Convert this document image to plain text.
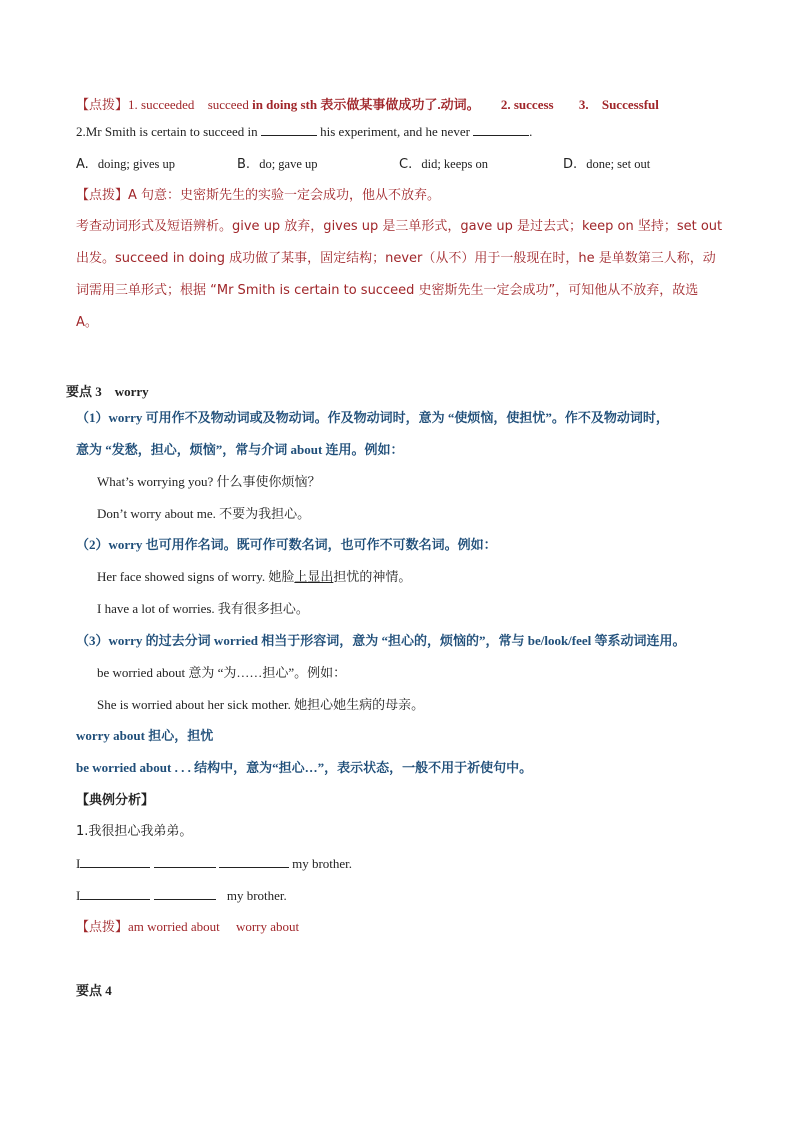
【点拨】1. succeeded succeed in doing sth 表示做某事做成功了.动词。 2. success 3. Successful
2.Mr Smith is certain to succeed in	his experiment, and he never	.
A. doing; gives up	B. do; gave up	C. did; keeps on	D. done; set out
【点拨】A 句意：史密斯先生的实验一定会成功，他从不放弃。
考查动词形式及短语辨析。give up 放弃，gives up 是三单形式，gave up 是过去式；keep on 坚持；set out
出发。succeed in doing 成功做了某事，固定结构；never（从不）用于一般现在时，he 是单数第三人称，动
词需用三单形式；根据 “Mr Smith is certain to succeed 史密斯先生一定会成功”，可知他从不放弃，故选
A。
要点 3　worry
（1）worry 可用作不及物动词或及物动词。作及物动词时，意为 “使烦恼，使担忧”。作不及物动词时，
意为 “发愁，担心，烦恼”，常与介词 about 连用。例如：
What’s worrying you? 什么事使你烦恼？
Don’t worry about me. 不要为我担心。
（2）worry 也可用作名词。既可作可数名词，也可作不可数名词。例如：
Her face showed signs of worry. 她脸上显出担忧的神情。
I have a lot of worries. 我有很多担心。
（3）worry 的过去分词 worried 相当于形容词，意为 “担心的，烦恼的”，常与 be/look/feel 等系动词连用。
be worried about 意为 “为……担心”。例如：
She is worried about her sick mother. 她担心她生病的母亲。
worry about 担心，担忧
be worried about . . . 结构中，意为“担心…”，表示状态，一般不用于祈使句中。
【典例分析】
1.我很担心我弟弟。
I	my brother.
I	my brother.
【点拨】am worried about　 worry about
要点 4
